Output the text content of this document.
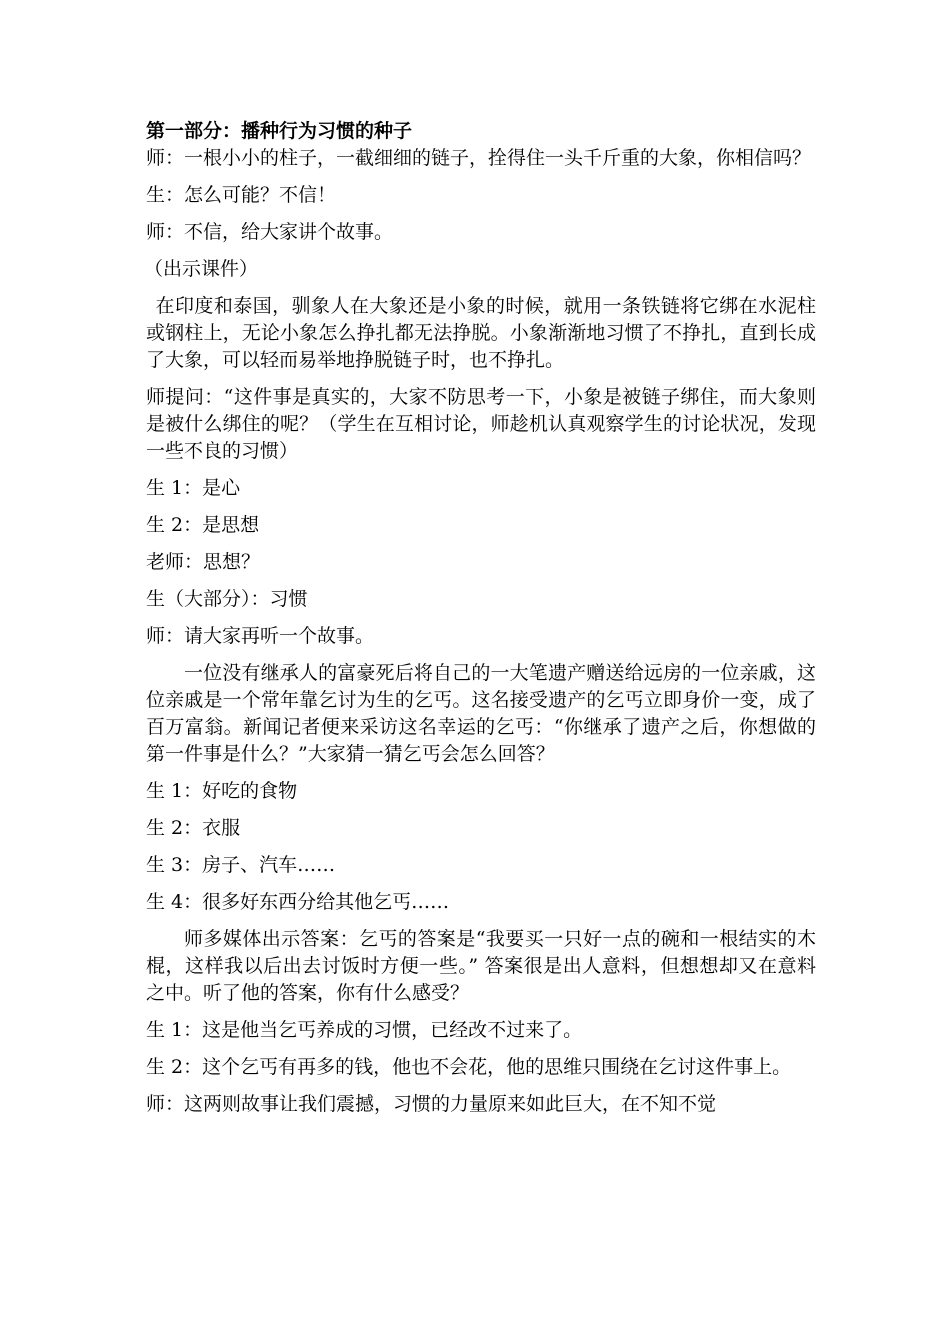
第一部分：播种行为习惯的种子

师：一根小小的柱子，一截细细的链子，拴得住一头千斤重的大象，你相信吗？

生：怎么可能？不信！

师：不信，给大家讲个故事。

（出示课件）

在印度和泰国，驯象人在大象还是小象的时候，就用一条铁链将它绑在水泥柱或钢柱上，无论小象怎么挣扎都无法挣脱。小象渐渐地习惯了不挣扎，直到长成了大象，可以轻而易举地挣脱链子时，也不挣扎。

师提问：“这件事是真实的，大家不防思考一下，小象是被链子绑住，而大象则是被什么绑住的呢？（学生在互相讨论，师趁机认真观察学生的讨论状况，发现一些不良的习惯）

生 1：是心

生 2：是思想

老师：思想？

生（大部分）：习惯

师：请大家再听一个故事。

一位没有继承人的富豪死后将自己的一大笔遗产赠送给远房的一位亲戚，这位亲戚是一个常年靠乞讨为生的乞丐。这名接受遗产的乞丐立即身价一变，成了百万富翁。新闻记者便来采访这名幸运的乞丐：“你继承了遗产之后，你想做的第一件事是什么？”大家猜一猜乞丐会怎么回答？

生 1：好吃的食物

生 2：衣服

生 3：房子、汽车……

生 4：很多好东西分给其他乞丐……

师多媒体出示答案：乞丐的答案是“我要买一只好一点的碗和一根结实的木棍，这样我以后出去讨饭时方便一些。” 答案很是出人意料，但想想却又在意料之中。听了他的答案，你有什么感受？

生 1：这是他当乞丐养成的习惯，已经改不过来了。

生 2：这个乞丐有再多的钱，他也不会花，他的思维只围绕在乞讨这件事上。

师：这两则故事让我们震撼，习惯的力量原来如此巨大，在不知不觉
